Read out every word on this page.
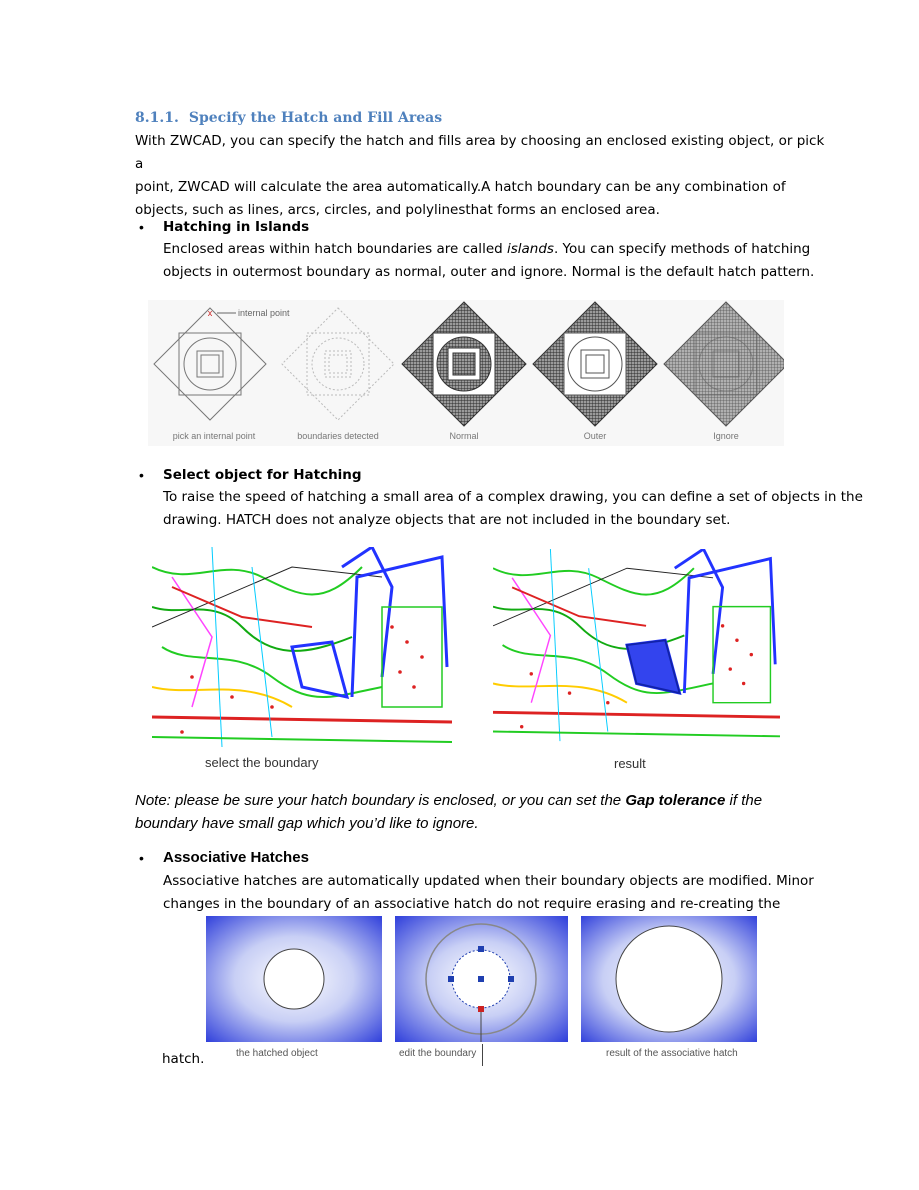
8.1.1. Specify the Hatch and Fill Areas
With ZWCAD, you can specify the hatch and fills area by choosing an enclosed existing object, or pick a
point, ZWCAD will calculate the area automatically.A hatch boundary can be any combination of
objects, such as lines, arcs, circles, and polylinesthat forms an enclosed area.
• Hatching in Islands
Enclosed areas within hatch boundaries are called islands. You can specify methods of hatching
objects in outermost boundary as normal, outer and ignore. Normal is the default hatch pattern.
x	internal point
pick an internal point	boundaries detected	Normal	Outer	Ignore
• Select object for Hatching
To raise the speed of hatching a small area of a complex drawing, you can define a set of objects in the
drawing. HATCH does not analyze objects that are not included in the boundary set.
select the boundary	result
Note: please be sure your hatch boundary is enclosed, or you can set the Gap tolerance if the
boundary have small gap which you’d like to ignore.
• Associative Hatches
Associative hatches are automatically updated when their boundary objects are modified. Minor
changes in the boundary of an associative hatch do not require erasing and re-creating the
hatch.	the hatched object	edit the boundary	result of the associative hatch
